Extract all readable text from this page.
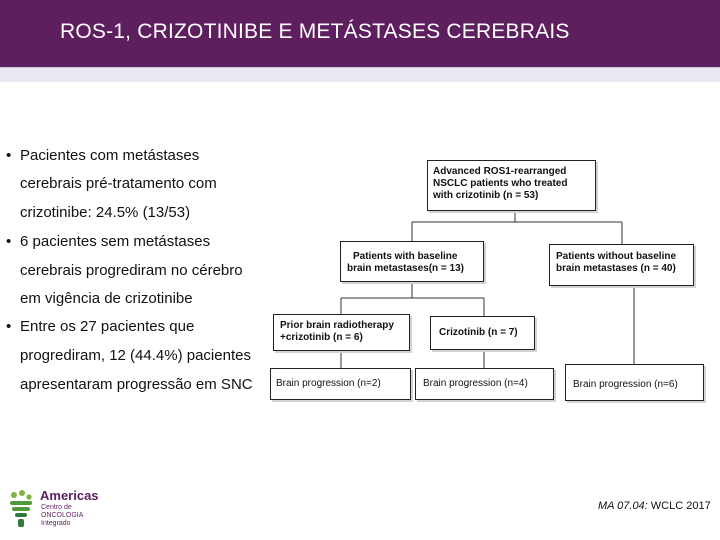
ROS-1, CRIZOTINIBE E METÁSTASES CEREBRAIS
• Pacientes com metástases
cerebrais pré-tratamento com
crizotinibe: 24.5% (13/53)
• 6 pacientes sem metástases
cerebrais progrediram no cérebro
em vigência de crizotinibe
• Entre os 27 pacientes que
progrediram, 12 (44.4%) pacientes
apresentaram progressão em SNC
Advanced ROS1-rearranged
NSCLC patients who treated
with crizotinib (n = 53)
Patients with baseline
brain metastases(n = 13)
Patients without baseline
brain metastases (n = 40)
Prior brain radiotherapy
+crizotinib (n = 6)	Crizotinib (n = 7)
Brain progression (n=2)	Brain progression (n=4)	Brain progression (n=6)
Americas
Centro de
ONCOLOGIA
Integrado
MA 07.04: WCLC 2017
